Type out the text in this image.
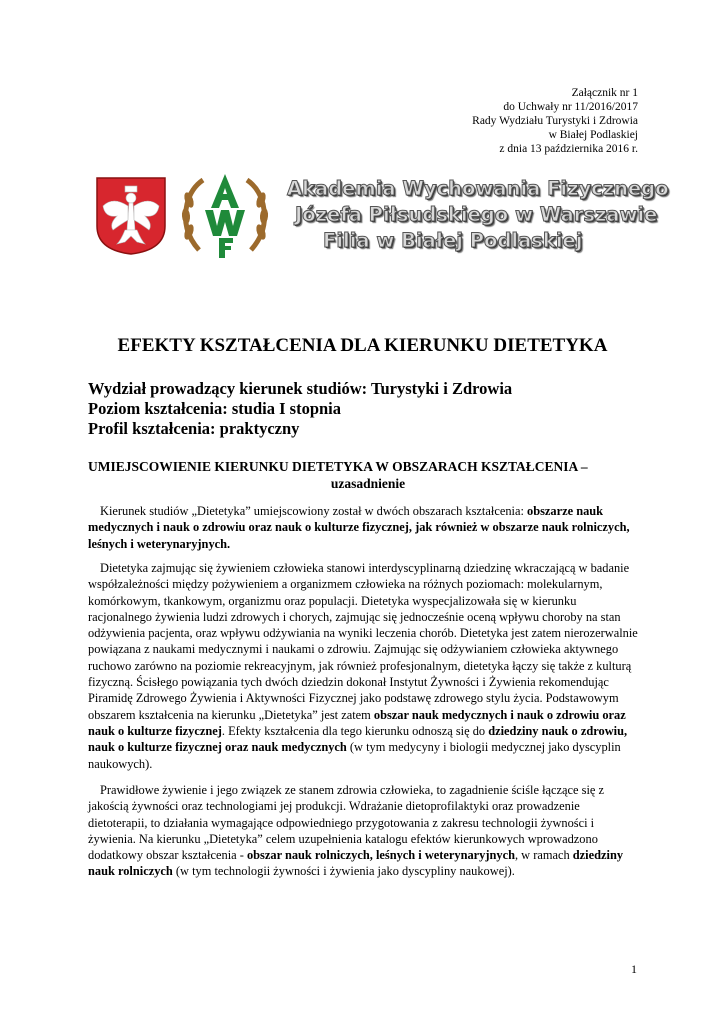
Załącznik nr 1
do Uchwały nr 11/2016/2017
Rady Wydziału Turystyki i Zdrowia
w Białej Podlaskiej
z dnia 13 października 2016 r.
Akademia Wychowania Fizycznego
Józefa Piłsudskiego w Warszawie
Filia w Białej Podlaskiej
EFEKTY KSZTAŁCENIA DLA KIERUNKU DIETETYKA
Wydział prowadzący kierunek studiów: Turystyki i Zdrowia
Poziom kształcenia: studia I stopnia
Profil kształcenia: praktyczny
UMIEJSCOWIENIE KIERUNKU DIETETYKA W OBSZARACH KSZTAŁCENIA –
uzasadnienie

Kierunek studiów „Dietetyka” umiejscowiony został w dwóch obszarach kształcenia: obszarze nauk medycznych i nauk o zdrowiu oraz nauk o kulturze fizycznej, jak również w obszarze nauk rolniczych, leśnych i weterynaryjnych.

Dietetyka zajmując się żywieniem człowieka stanowi interdyscyplinarną dziedzinę wkraczającą w badanie współzależności między pożywieniem a organizmem człowieka na różnych poziomach: molekularnym, komórkowym, tkankowym, organizmu oraz populacji. Dietetyka wyspecjalizowała się w kierunku racjonalnego żywienia ludzi zdrowych i chorych, zajmując się jednocześnie oceną wpływu choroby na stan odżywienia pacjenta, oraz wpływu odżywiania na wyniki leczenia chorób. Dietetyka jest zatem nierozerwalnie powiązana z naukami medycznymi i naukami o zdrowiu. Zajmując się odżywianiem człowieka aktywnego ruchowo zarówno na poziomie rekreacyjnym, jak również profesjonalnym, dietetyka łączy się także z kulturą fizyczną. Ścisłego powiązania tych dwóch dziedzin dokonał Instytut Żywności i Żywienia rekomendując Piramidę Zdrowego Żywienia i Aktywności Fizycznej jako podstawę zdrowego stylu życia. Podstawowym obszarem kształcenia na kierunku „Dietetyka” jest zatem obszar nauk medycznych i nauk o zdrowiu oraz nauk o kulturze fizycznej. Efekty kształcenia dla tego kierunku odnoszą się do dziedziny nauk o zdrowiu, nauk o kulturze fizycznej oraz nauk medycznych (w tym medycyny i biologii medycznej jako dyscyplin naukowych).

Prawidłowe żywienie i jego związek ze stanem zdrowia człowieka, to zagadnienie ściśle łączące się z jakością żywności oraz technologiami jej produkcji. Wdrażanie dietoprofilaktyki oraz prowadzenie dietoterapii, to działania wymagające odpowiedniego przygotowania z zakresu technologii żywności i żywienia. Na kierunku „Dietetyka” celem uzupełnienia katalogu efektów kierunkowych wprowadzono dodatkowy obszar kształcenia - obszar nauk rolniczych, leśnych i weterynaryjnych, w ramach dziedziny nauk rolniczych (w tym technologii żywności i żywienia jako dyscypliny naukowej).

1
